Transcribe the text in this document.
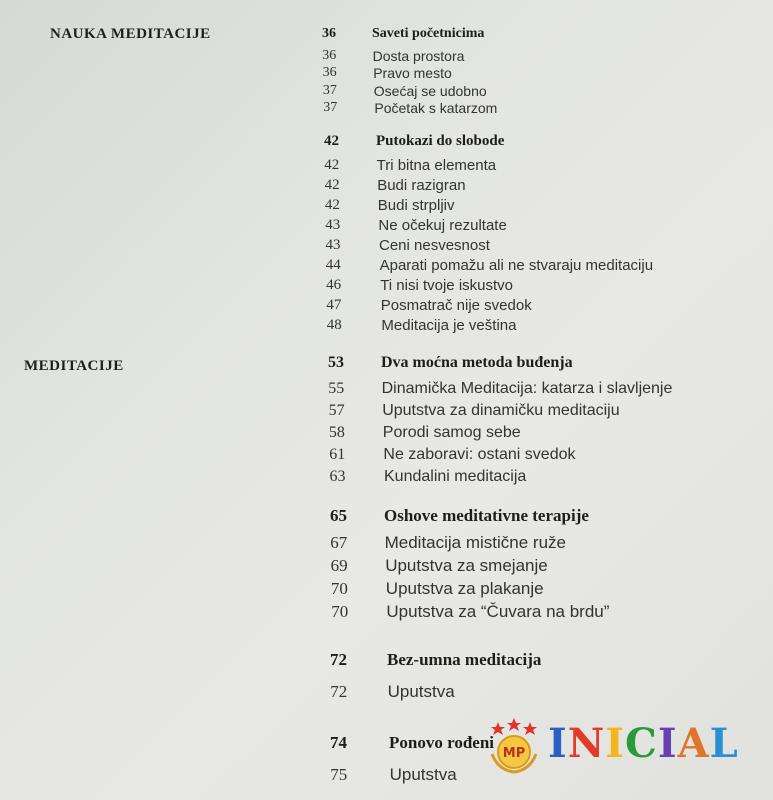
NAUKA MEDITACIJE
MEDITACIJE
36	Saveti početnicima
36	Dosta prostora
36	Pravo mesto
37	Osećaj se udobno
37	Početak s katarzom
42 Putokazi do slobode
42 Tri bitna elementa
42	Budi razigran
42	Budi strpljiv
43	Ne očekuj rezultate
43	Ceni nesvesnost
44	Aparati pomažu ali ne stvaraju meditaciju
46	Ti nisi tvoje iskustvo
47	Posmatrač nije svedok
48	Meditacija je veština
53 Dva moćna metoda buđenja
55 Dinamička Meditacija: katarza i slavljenje
57 Uputstva za dinamičku meditaciju
58 Porodi samog sebe
61 Ne zaboravi: ostani svedok
63 Kundalini meditacija
65 Oshove meditativne terapije
67 Meditacija mistične ruže
69 Uputstva za smejanje
70 Uputstva za plakanje
70 Uputstva za “Čuvara na brdu”
72 Bez-umna meditacija
72 Uputstva
74 Ponovo rođeni
75 Uputstva
MP INICIAL
